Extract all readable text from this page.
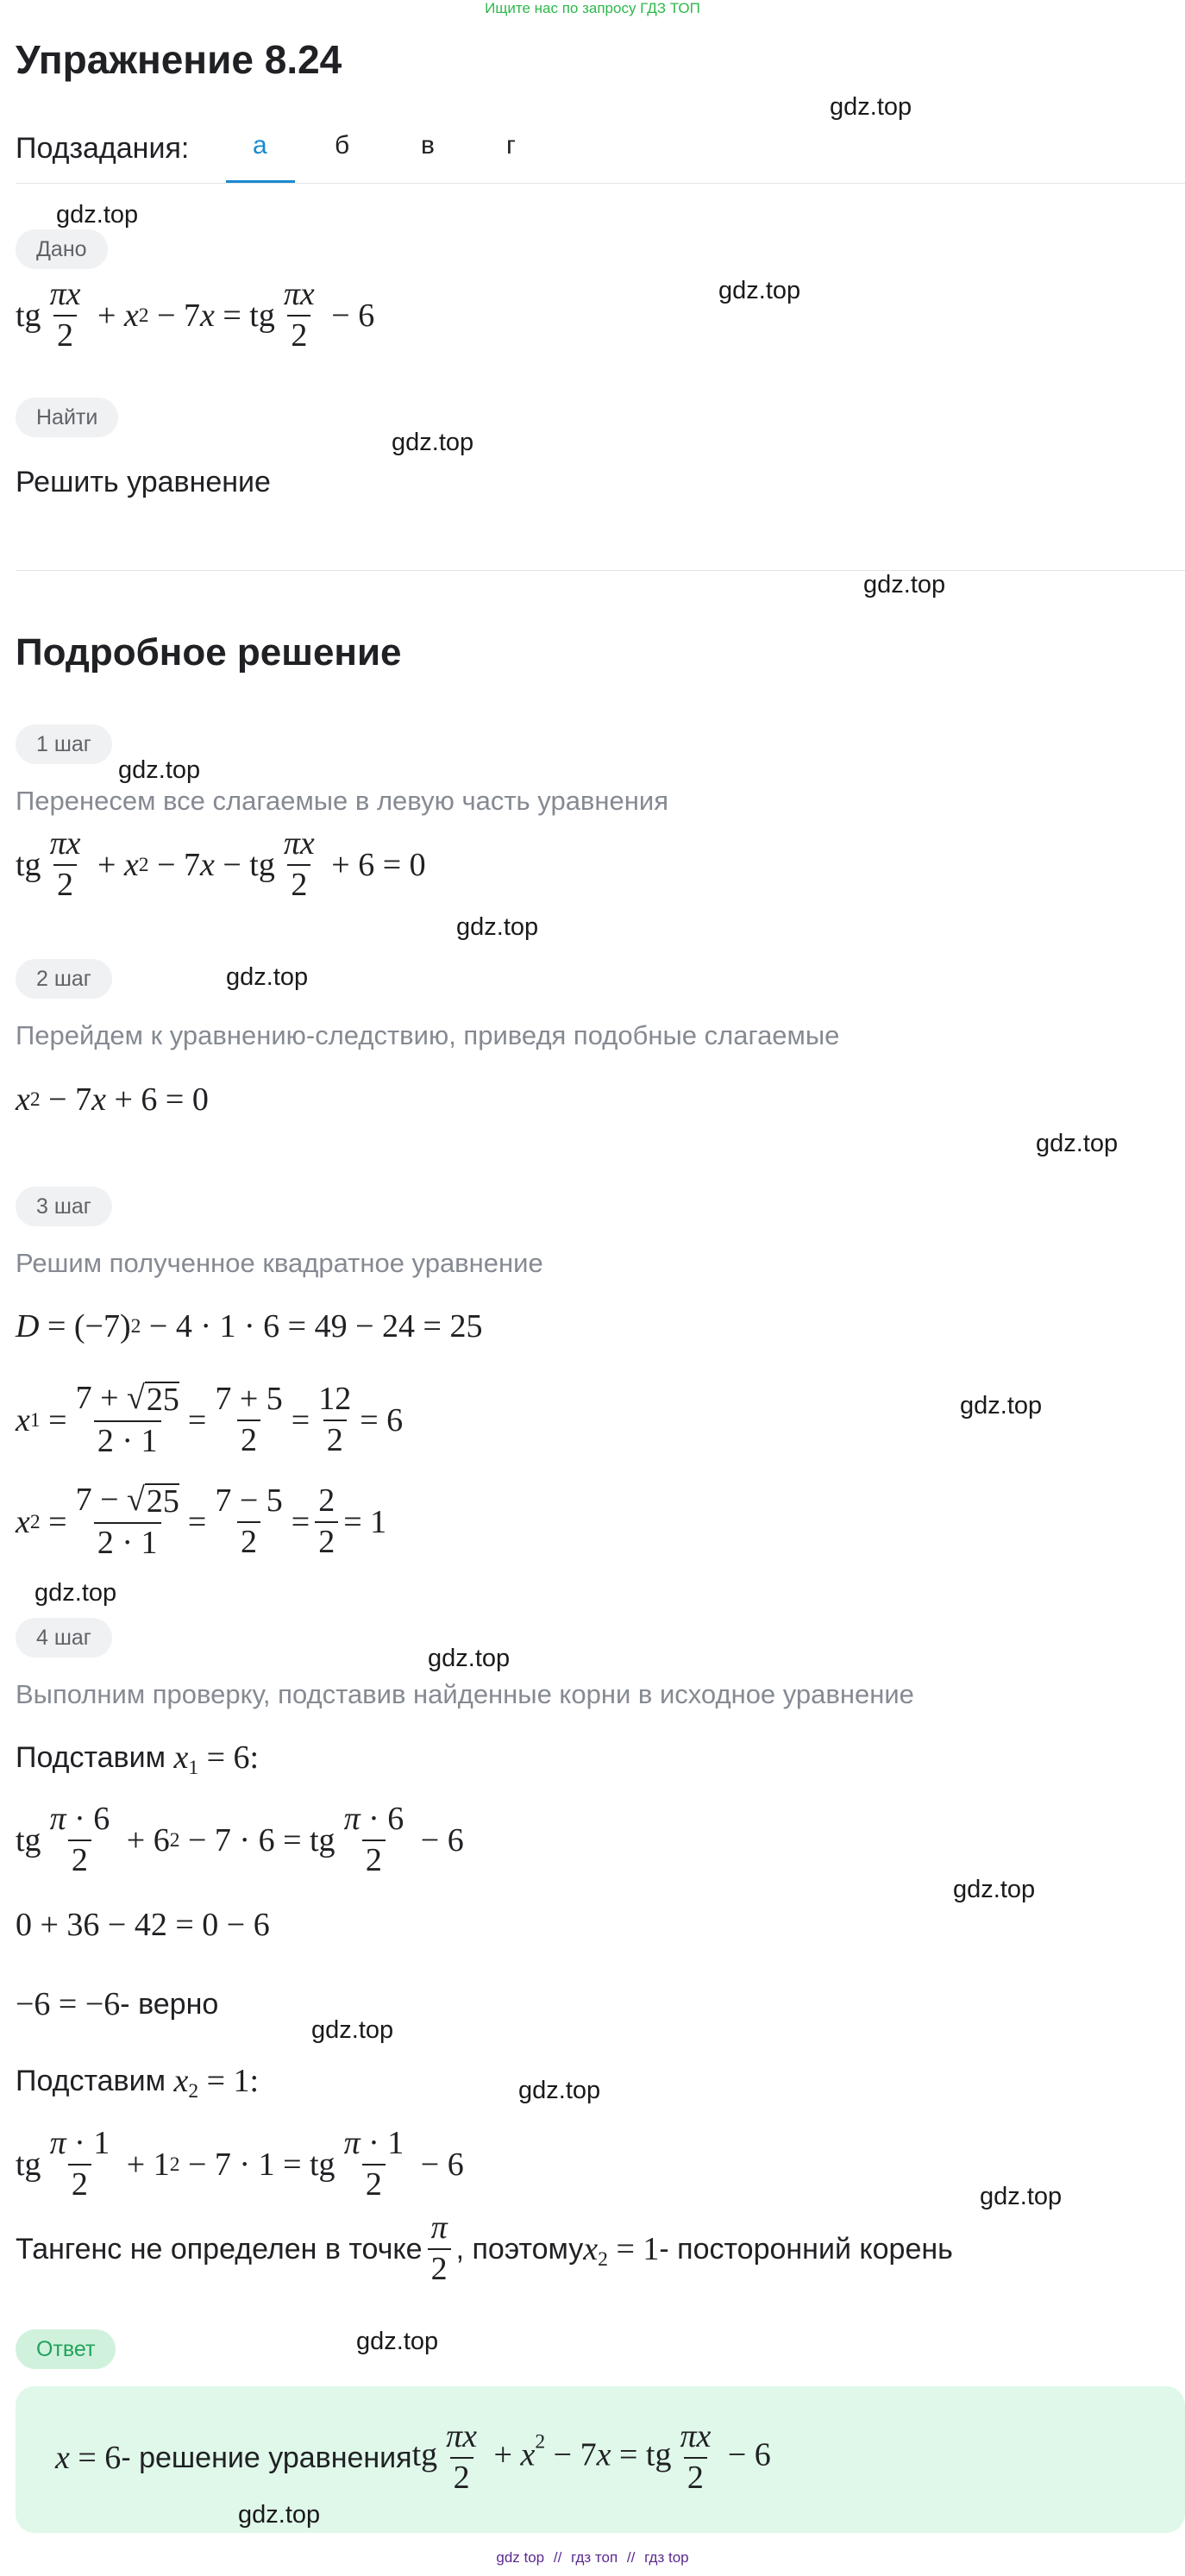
Ищите нас по запросу ГДЗ ТОП
Упражнение 8.24
Подзадания: а	б	в	г
Дано
tg $\frac{\pi x}{2} + x$ 2 − 7 x = tg $\frac{\pi x}{2} - 6$
Найти
Решить уравнение
Подробное решение
1 шаг
Перенесем все слагаемые в левую часть уравнения
tg $\frac{\pi x}{2} + x$ 2 − 7 x − tg $\frac{\pi x}{2} + 6 = 0$
2 шаг
Перейдем к уравнению-следствию, приведя подобные слагаемые
x 2 − 7 x + 6 = 0
3 шаг
Решим полученное квадратное уравнение
D = (−7) 2 − 4 · 1 · 6 = 49 − 24 = 25
x $1 = \frac{7 + √ 25}{2 \cdot 1} = \frac{7 + 5}{2} = \frac{12}{2} = 6$
x $2 = \frac{7 - √ 25}{2 \cdot 1} = \frac{7 - 5}{2} = \frac{2}{2} = 1$
4 шаг
Выполним проверку, подставив найденные корни в исходное уравнение
Подставим $x_1 = 6$:
tg $\frac{\pi \cdot 6}{2} + 6$ 2 − 7 · 6 = tg $\frac{\pi \cdot 6}{2} - 6$
0 + 36 − 42 = 0 − 6
−6 = −6 - верно
Подставим $x_2 = 1$:
tg $\frac{\pi \cdot 1}{2} + 1$ 2 − 7 · 1 = tg $\frac{\pi \cdot 1}{2} - 6$
Тангенс не определен в точке $\frac{\pi}{2}$ , поэтому $x_2 = 1$ - посторонний корень
Ответ
x = 6 - решение уравнения tg $\frac{\pi x}{2} + x^2 - 7x$ = tg $\frac{\pi x}{2} - 6$
gdz top // гдз топ // гдз top
gdz.top
gdz.top
gdz.top
gdz.top
gdz.top
gdz.top
gdz.top
gdz.top
gdz.top
gdz.top
gdz.top
gdz.top
gdz.top
gdz.top
gdz.top
gdz.top
gdz.top
gdz.top
